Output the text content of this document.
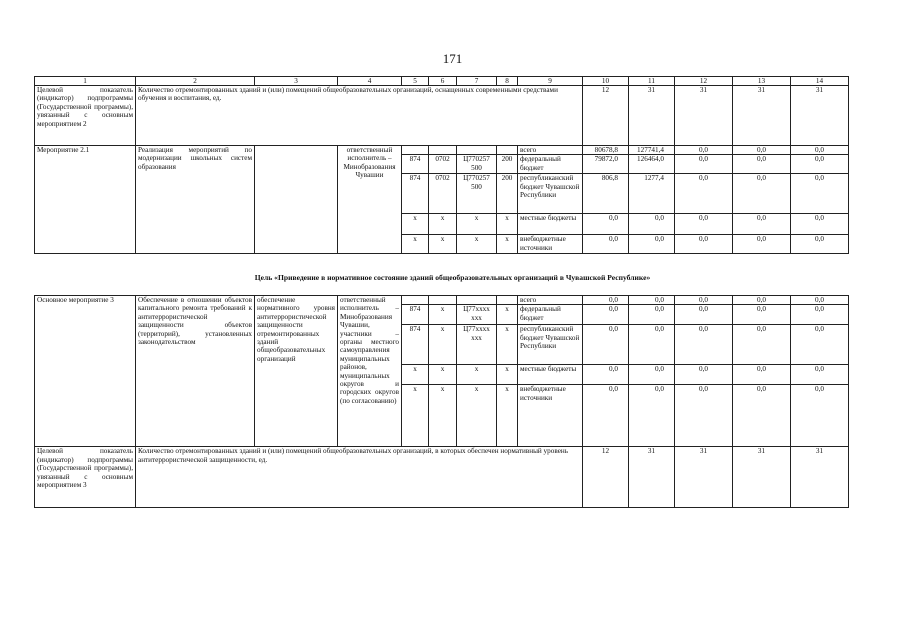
171
1	2	3	4	5	6	7	8	9	10	11	12	13	14
Целевой показатель (индикатор) подпрограммы (Государственной программы), увязанный с основным мероприятием 2	Количество отремонтированных зданий и (или) помещений общеобразовательных организаций, оснащенных современными средствами обучения и воспитания, ед.								12	31	31	31	31
Мероприятие 2.1	Реализация мероприятий по модернизации школьных систем образования		ответственный исполнитель – Минобразования Чувашии					всего	80678,8	127741,4	0,0	0,0	0,0
				874	0702	Ц770257 500	200	федеральный бюджет	79872,0	126464,0	0,0	0,0	0,0
				874	0702	Ц770257 500	200	республиканский бюджет Чувашской Республики	806,8	1277,4	0,0	0,0	0,0
				x	x	x	x	местные бюджеты	0,0	0,0	0,0	0,0	0,0
				x	x	x	x	внебюджетные источники	0,0	0,0	0,0	0,0	0,0
Цель «Приведение в нормативное состояние зданий общеобразовательных организаций в Чувашской Республике»
Основное мероприятие 3	Обеспечение в отношении объектов капитального ремонта требований к антитеррористической защищенности объектов (территорий), установленных законодательством	обеспечение нормативного уровня антитеррористической защищенности отремонтированных зданий общеобразовательных организаций	ответственный исполнитель – Минобразования Чувашии, участники – органы местного самоуправления муниципальных районов, муниципальных округов и городских округов (по согласованию)					всего	0,0	0,0	0,0	0,0	0,0
				874	x	Ц77xxxx xxx	x	федеральный бюджет	0,0	0,0	0,0	0,0	0,0
				874	x	Ц77xxxx xxx	x	республиканский бюджет Чувашской Республики	0,0	0,0	0,0	0,0	0,0
				x	x	x	x	местные бюджеты	0,0	0,0	0,0	0,0	0,0
				x	x	x	x	внебюджетные источники	0,0	0,0	0,0	0,0	0,0
Целевой показатель (индикатор) подпрограммы (Государственной программы), увязанный с основным мероприятием 3	Количество отремонтированных зданий и (или) помещений общеобразовательных организаций, в которых обеспечен нормативный уровень антитеррористической защищенности, ед.								12	31	31	31	31
